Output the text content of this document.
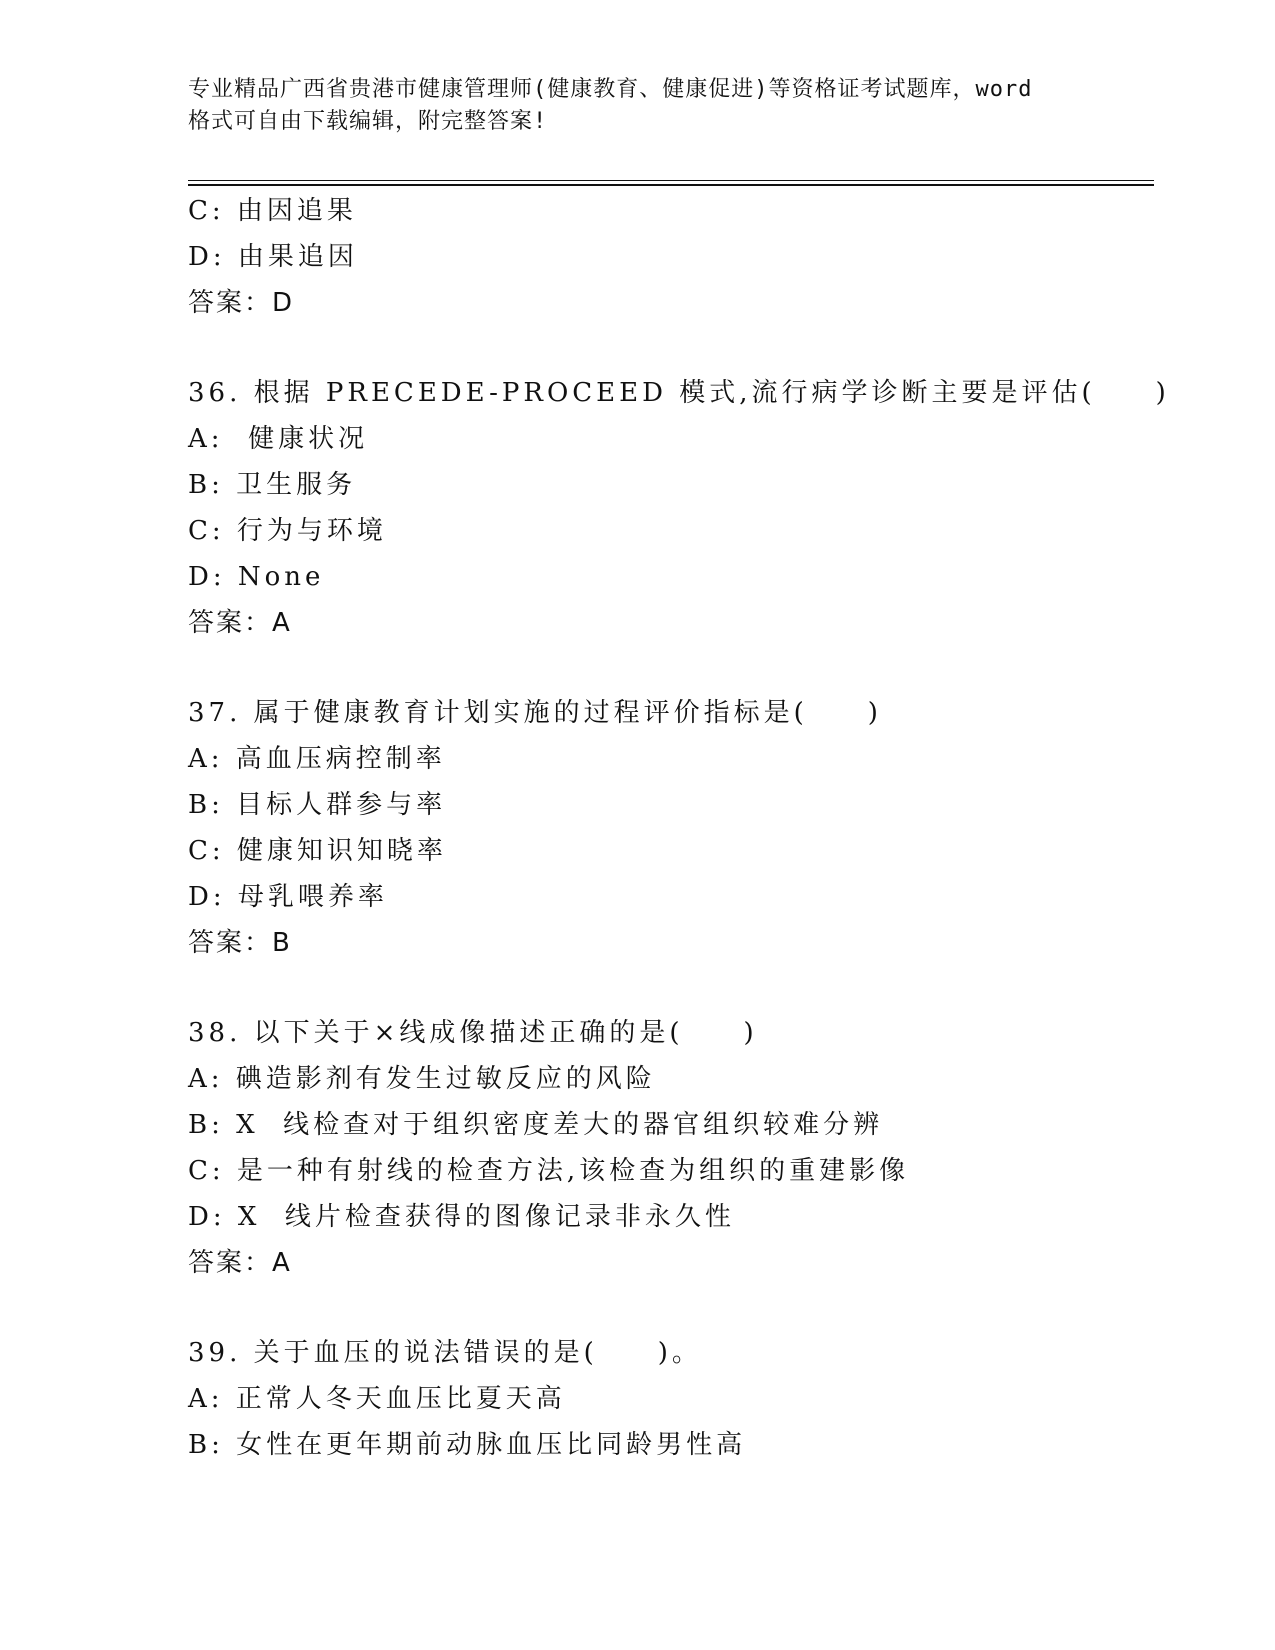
专业精品广西省贵港市健康管理师(健康教育、健康促进)等资格证考试题库，word
格式可自由下载编辑，附完整答案!
C: 由因追果
D: 由果追因
答案：D
36. 根据 PRECEDE-PROCEED 模式,流行病学诊断主要是评估(　　)
A:  健康状况
B: 卫生服务
C: 行为与环境
D: None
答案：A
37. 属于健康教育计划实施的过程评价指标是(　　)
A: 高血压病控制率
B: 目标人群参与率
C: 健康知识知晓率
D: 母乳喂养率
答案：B
38. 以下关于×线成像描述正确的是(　　)
A: 碘造影剂有发生过敏反应的风险
B: X  线检查对于组织密度差大的器官组织较难分辨
C: 是一种有射线的检查方法,该检查为组织的重建影像
D: X  线片检查获得的图像记录非永久性
答案：A
39. 关于血压的说法错误的是(　　)。
A: 正常人冬天血压比夏天高
B: 女性在更年期前动脉血压比同龄男性高
